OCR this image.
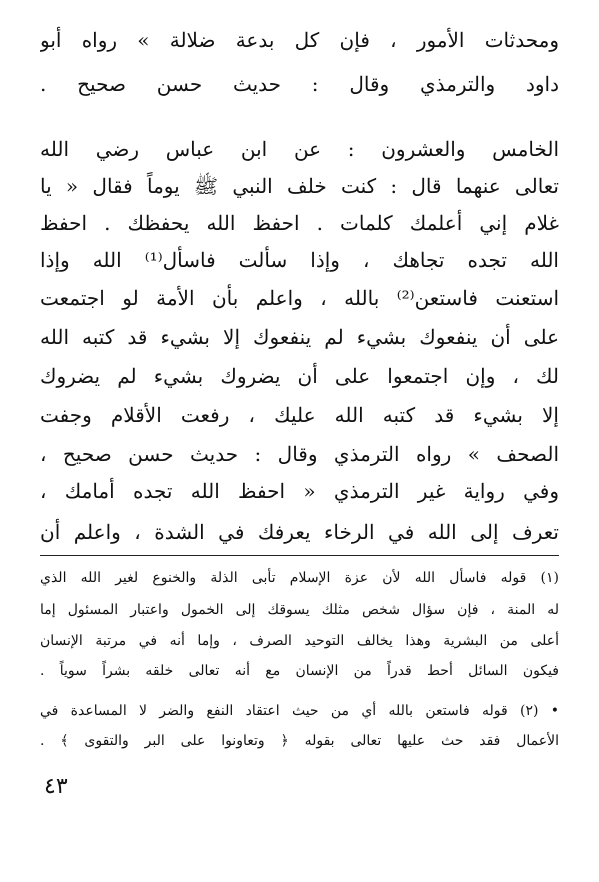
ومحدثات الأمور ، فإن كل بدعة ضلالة » رواه أبو
داود والترمذي وقال : حديث حسن صحيح .
الخامس والعشرون : عن ابن عباس رضي الله
تعالى عنهما قال : كنت خلف النبي ﷺ يوماً فقال « يا
غلام إني أعلمك كلمات . احفظ الله يحفظك . احفظ
الله تجده تجاهك ، وإذا سألت فاسأل⁽¹⁾ الله وإذا
استعنت فاستعن⁽²⁾ بالله ، واعلم بأن الأمة لو اجتمعت
على أن ينفعوك بشيء لم ينفعوك إلا بشيء قد كتبه الله
لك ، وإن اجتمعوا على أن يضروك بشيء لم يضروك
إلا بشيء قد كتبه الله عليك ، رفعت الأقلام وجفت
الصحف » رواه الترمذي وقال : حديث حسن صحيح ،
وفي رواية غير الترمذي « احفظ الله تجده أمامك ،
تعرف إلى الله في الرخاء يعرفك في الشدة ، واعلم أن
(١) قوله فاسأل الله لأن عزة الإسلام تأبى الذلة والخنوع لغير الله الذي
له المنة ، فإن سؤال شخص مثلك يسوقك إلى الخمول واعتبار المسئول إما
أعلى من البشرية وهذا يخالف التوحيد الصرف ، وإما أنه في مرتبة الإنسان
فيكون السائل أحط قدراً من الإنسان مع أنه تعالى خلقه بشراً سوياً .
• (٢) قوله فاستعن بالله أي من حيث اعتقاد النفع والضر لا المساعدة في
الأعمال فقد حث عليها تعالى بقوله ﴿ وتعاونوا على البر والتقوى ﴾ .
٤٣
